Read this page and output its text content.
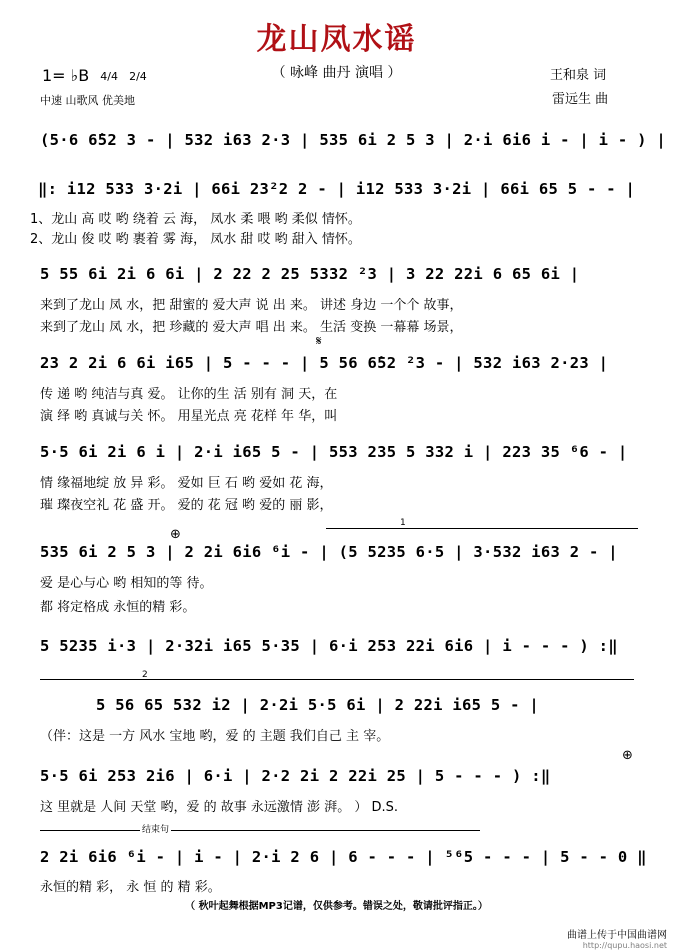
龙山凤水谣
（ 咏峰 曲丹 演唱 ）
1= ♭B 4/4 2/4
中速 山歌风 优美地
王和泉 词
雷远生 曲
(5·6 6̇52 3 - | 532 i63 2·3 | 535 6i 2 5 3 | 2·i 6i6 i - | i - ) |
‖: i12 533 3·2i | 66i 23²2 2 - | i12 533 3·2i | 66i 65 5 - - |
1、龙山 高 哎 哟 绕着 云 海， 凤水 柔 喂 哟 柔似 情怀。
2、龙山 俊 哎 哟 裹着 雾 海， 凤水 甜 哎 哟 甜入 情怀。
5 55 6i 2i 6 6i | 2 22 2 25 5332 ²3 | 3 22 22i 6 65 6i |
来到了龙山 凤 水，把 甜蜜的 爱大声 说 出 来。 讲述 身边 一个个 故事，
来到了龙山 凤 水，把 珍藏的 爱大声 唱 出 来。 生活 变换 一幕幕 场景，
𝄋
23 2 2i 6 6i i65 | 5 - - - | 5 56 6̇52 ²3 - | 532 i63 2·23 |
传 递 哟 纯洁与真 爱。 让你的生 活 别有 洞 天，在
演 绎 哟 真诚与关 怀。 用星光点 亮 花样 年 华，叫
5·5 6i 2i 6 i | 2·i i65 5 - | 553 235 5 332 i | 223 35 ⁶6 - |
情 缘福地绽 放 异 彩。 爱如 巨 石 哟 爱如 花 海，
璀 璨夜空礼 花 盛 开。 爱的 花 冠 哟 爱的 丽 影，
⊕
1
535 6i 2 5 3 | 2 2i 6i6 ⁶i - | (5 5235 6·5 | 3·532 i63 2 - |
爱 是心与心 哟 相知的等 待。
都 将定格成 永恒的精 彩。
5 5235 i·3 | 2·32i i65 5·35 | 6·i 253 22i 6i6 | i - - - ) :‖
2
5 56 65 532 i2 | 2·2i 5·5 6i | 2 22i i65 5 - |
（伴：这是 一方 风水 宝地 哟，爱 的 主题 我们自己 主 宰。
⊕
5·5 6i 253 2i6 | 6·i | 2·2 2i 2 22i 25 | 5 - - - ) :‖
这 里就是 人间 天堂 哟，爱 的 故事 永远激情 澎 湃。 ） D.S.
结束句
2 2i 6i6 ⁶i - | i - | 2·i 2 6 | 6 - - - | ⁵⁶5 - - - | 5 - - 0 ‖
永恒的精 彩， 永 恒 的 精 彩。
（ 秋叶起舞根据MP3记谱，仅供参考。错误之处，敬请批评指正。）
曲谱上传于中国曲谱网
http://qupu.haosi.net
